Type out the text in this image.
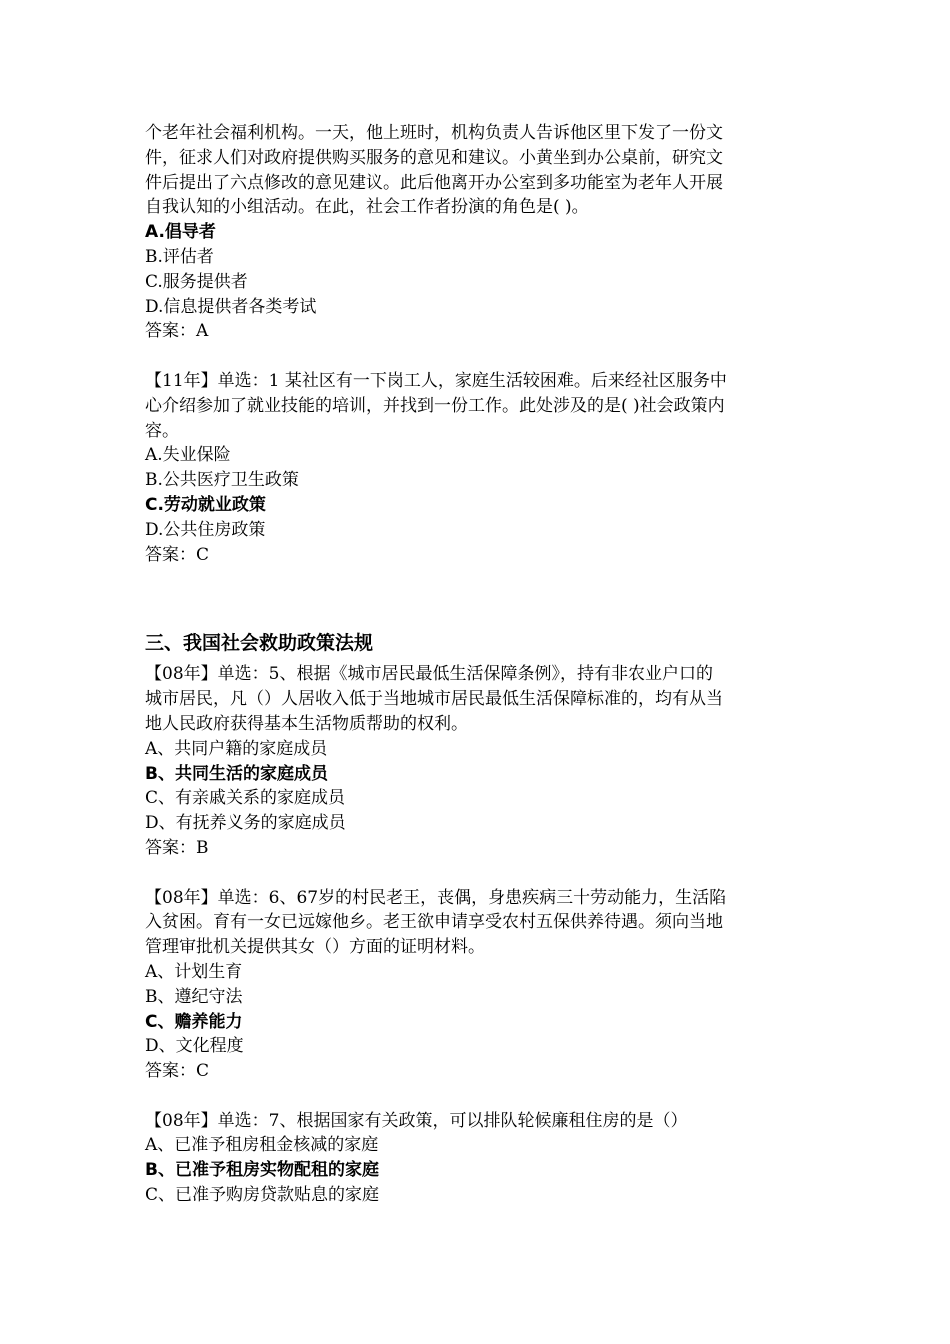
个老年社会福利机构。一天，他上班时，机构负责人告诉他区里下发了一份文

件，征求人们对政府提供购买服务的意见和建议。小黄坐到办公桌前，研究文

件后提出了六点修改的意见建议。此后他离开办公室到多功能室为老年人开展

自我认知的小组活动。在此，社会工作者扮演的角色是( )。

A.倡导者

B.评估者

C.服务提供者

D.信息提供者各类考试

答案：A

【11年】单选：1 某社区有一下岗工人，家庭生活较困难。后来经社区服务中

心介绍参加了就业技能的培训，并找到一份工作。此处涉及的是( )社会政策内

容。

A.失业保险

B.公共医疗卫生政策

C.劳动就业政策

D.公共住房政策

答案：C

三、我国社会救助政策法规

【08年】单选：5、根据《城市居民最低生活保障条例》，持有非农业户口的

城市居民，凡（）人居收入低于当地城市居民最低生活保障标准的，均有从当

地人民政府获得基本生活物质帮助的权利。

A、共同户籍的家庭成员

B、共同生活的家庭成员

C、有亲戚关系的家庭成员

D、有抚养义务的家庭成员

答案：B

【08年】单选：6、67岁的村民老王，丧偶，身患疾病三十劳动能力，生活陷

入贫困。育有一女已远嫁他乡。老王欲申请享受农村五保供养待遇。须向当地

管理审批机关提供其女（）方面的证明材料。

A、计划生育

B、遵纪守法

C、赡养能力

D、文化程度

答案：C

【08年】单选：7、根据国家有关政策，可以排队轮候廉租住房的是（）

A、已准予租房租金核减的家庭

B、已准予租房实物配租的家庭

C、已准予购房贷款贴息的家庭
